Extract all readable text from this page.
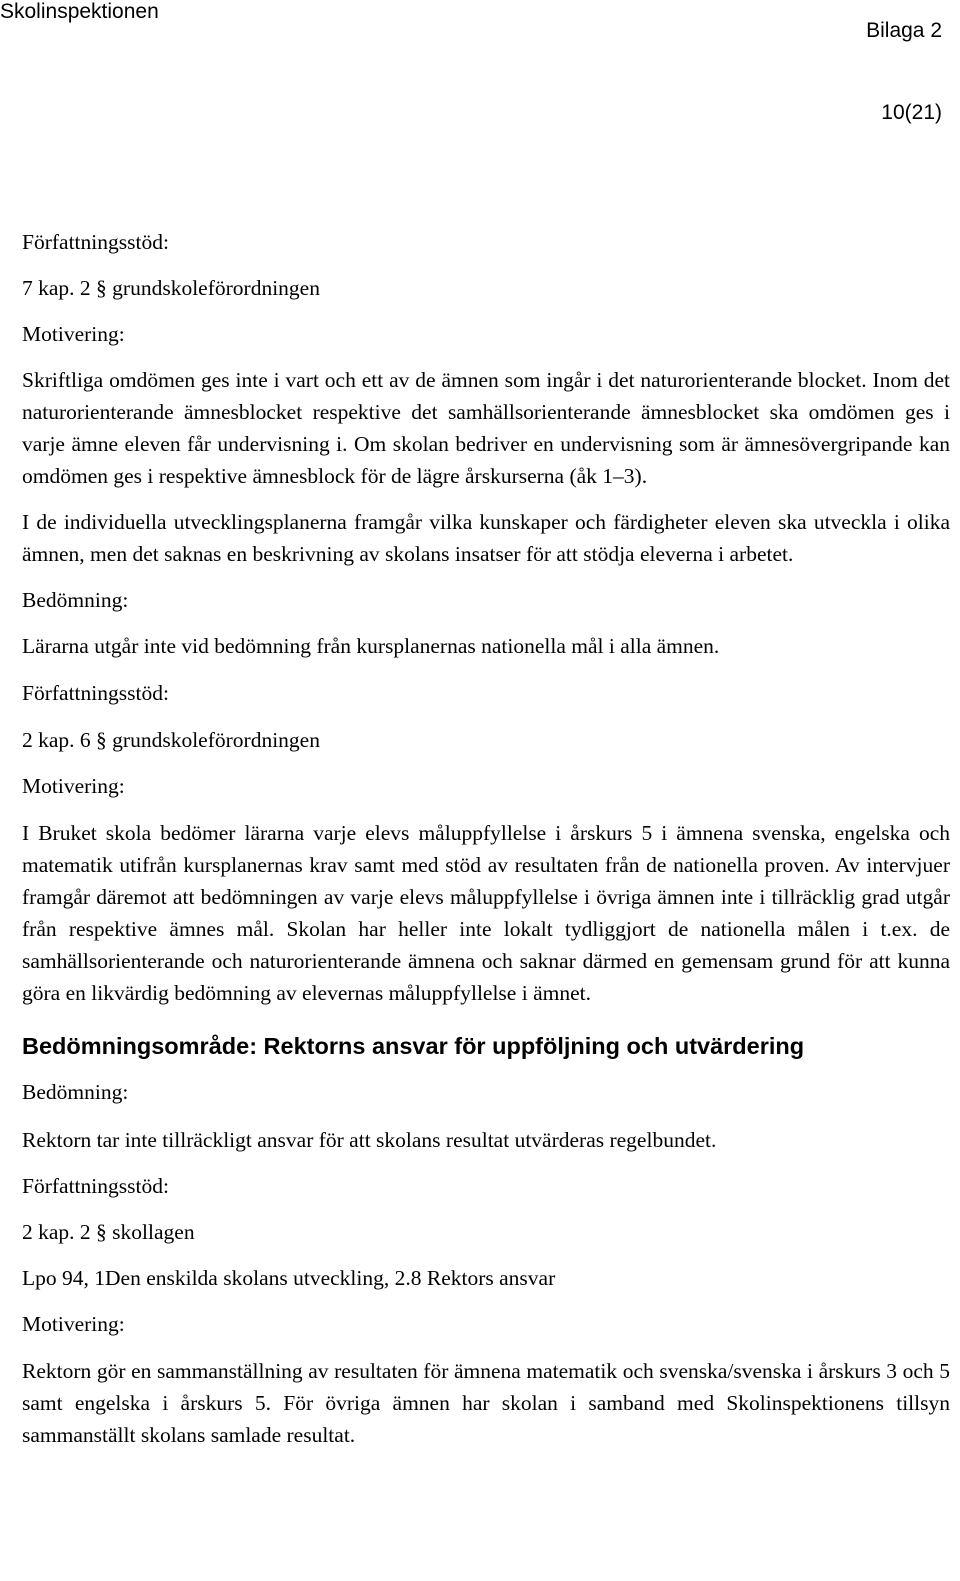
Skolinspektionen
Bilaga 2
10(21)

Författningsstöd:

7 kap. 2 § grundskoleförordningen

Motivering:

Skriftliga omdömen ges inte i vart och ett av de ämnen som ingår i det naturorienterande blocket. Inom det naturorienterande ämnesblocket respektive det samhällsorienterande ämnesblocket ska omdömen ges i varje ämne eleven får undervisning i. Om skolan bedriver en undervisning som är ämnesövergripande kan omdömen ges i respektive ämnesblock för de lägre årskurserna (åk 1–3).

I de individuella utvecklingsplanerna framgår vilka kunskaper och färdigheter eleven ska utveckla i olika ämnen, men det saknas en beskrivning av skolans insatser för att stödja eleverna i arbetet.

Bedömning:

Lärarna utgår inte vid bedömning från kursplanernas nationella mål i alla ämnen.

Författningsstöd:

2 kap. 6 § grundskoleförordningen

Motivering:

I Bruket skola bedömer lärarna varje elevs måluppfyllelse i årskurs 5 i ämnena svenska, engelska och matematik utifrån kursplanernas krav samt med stöd av resultaten från de nationella proven. Av intervjuer framgår däremot att bedömningen av varje elevs måluppfyllelse i övriga ämnen inte i tillräcklig grad utgår från respektive ämnes mål. Skolan har heller inte lokalt tydliggjort de nationella målen i t.ex. de samhällsorienterande och naturorienterande ämnena och saknar därmed en gemensam grund för att kunna göra en likvärdig bedömning av elevernas måluppfyllelse i ämnet.

Bedömningsområde: Rektorns ansvar för uppföljning och utvärdering

Bedömning:

Rektorn tar inte tillräckligt ansvar för att skolans resultat utvärderas regelbundet.

Författningsstöd:

2 kap. 2 § skollagen

Lpo 94, 1Den enskilda skolans utveckling, 2.8 Rektors ansvar

Motivering:

Rektorn gör en sammanställning av resultaten för ämnena matematik och svenska/svenska i årskurs 3 och 5 samt engelska i årskurs 5. För övriga ämnen har skolan i samband med Skolinspektionens tillsyn sammanställt skolans samlade resultat.
